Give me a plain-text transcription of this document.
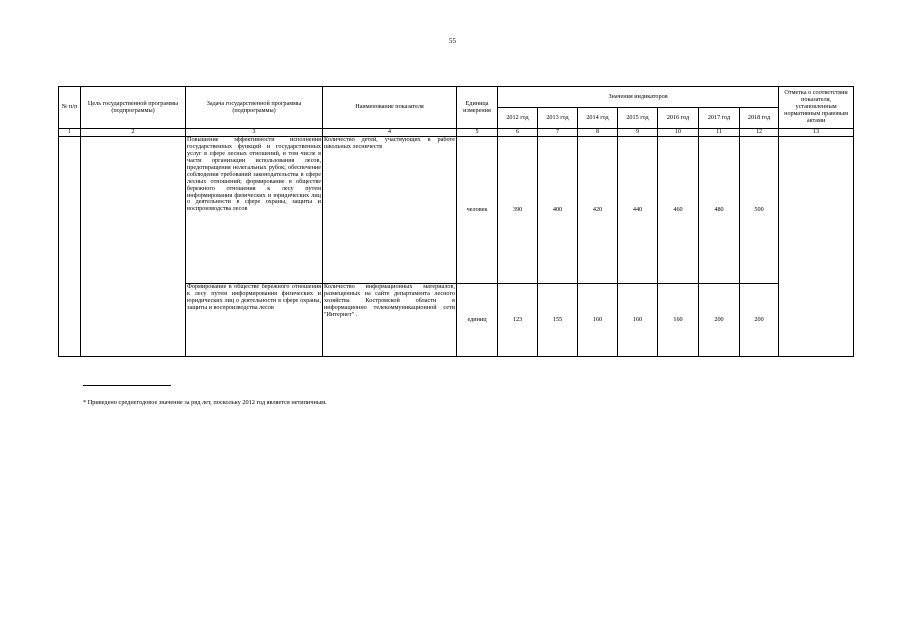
55
№ п/п	Цель государственной программы (подпрограммы)	Задача государственной программы (подпрограммы)	Наименование показателя	Единица измерения	Значения индикаторов							Отметка о соответствии показателя, установленным нормативным правовым актами
					2012 год	2013 год	2014 год	2015 год	2016 год	2017 год	2018 год	
1	2	3	4	5	6	7	8	9	10	11	12	13
		Повышение эффективности исполнения государственных функций и государственных услуг в сфере лесных отношений, в том числе в части организации использования лесов, предотвращения нелегальных рубок; обеспечение соблюдения требований законодательства в сфере лесных отношений; формирование в обществе бережного отношения к лесу путем информирования физических и юридических лиц о деятельности в сфере охраны, защиты и воспроизводства лесов	Количество детей, участвующих в работе школьных лесничеств	человек	390	400	420	440	460	480	500	
		Формирование в обществе бережного отношения к лесу путем информирования физических и юридических лиц о деятельности в сфере охраны, защиты и воспроизводства лесов	Количество информационных материалов, размещенных на сайте департамента лесного хозяйства Костромской области в информационно телекоммуникационной сети "Интернет" .	единиц	123	155	160	160	160	200	200	
* Приведено среднегодовое значение за ряд лет, поскольку 2012 год является нетипичным.
